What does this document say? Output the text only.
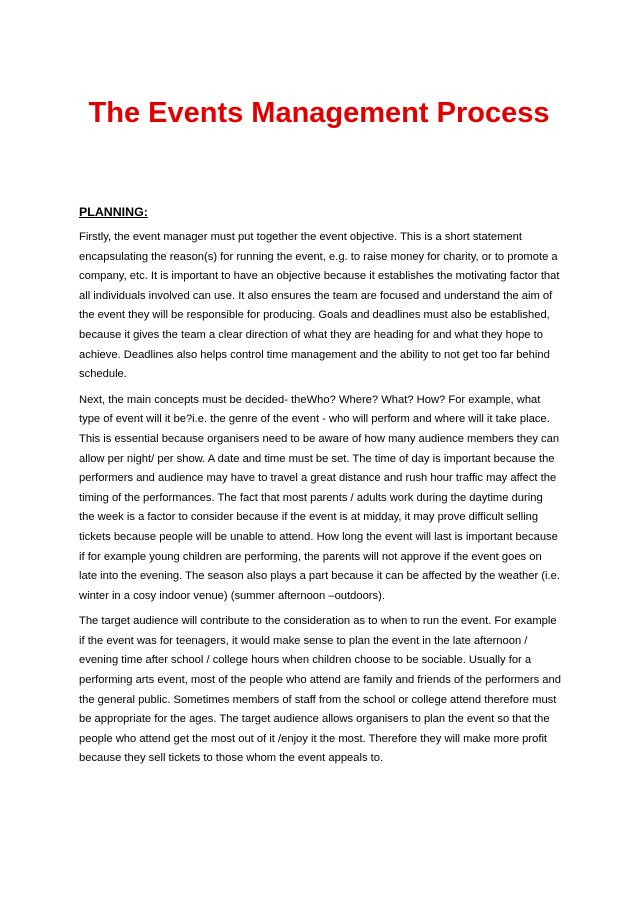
The Events Management Process

PLANNING:

Firstly, the event manager must put together the event objective. This is a short statement encapsulating the reason(s) for running the event, e.g. to raise money for charity, or to promote a company, etc. It is important to have an objective because it establishes the motivating factor that all individuals involved can use. It also ensures the team are focused and understand the aim of the event they will be responsible for producing. Goals and deadlines must also be established, because it gives the team a clear direction of what they are heading for and what they hope to achieve. Deadlines also helps control time management and the ability to not get too far behind schedule.

Next, the main concepts must be decided- theWho? Where? What? How? For example, what type of event will it be?i.e. the genre of the event - who will perform and where will it take place. This is essential because organisers need to be aware of how many audience members they can allow per night/ per show. A date and time must be set. The time of day is important because the performers and audience may have to travel a great distance and rush hour traffic may affect the timing of the performances. The fact that most parents / adults work during the daytime during the week is a factor to consider because if the event is at midday, it may prove difficult selling tickets because people will be unable to attend. How long the event will last is important because if for example young children are performing, the parents will not approve if the event goes on late into the evening. The season also plays a part because it can be affected by the weather (i.e. winter in a cosy indoor venue) (summer afternoon –outdoors).

The target audience will contribute to the consideration as to when to run the event. For example if the event was for teenagers, it would make sense to plan the event in the late afternoon / evening time after school / college hours when children choose to be sociable. Usually for a performing arts event, most of the people who attend are family and friends of the performers and the general public. Sometimes members of staff from the school or college attend therefore must be appropriate for the ages. The target audience allows organisers to plan the event so that the people who attend get the most out of it /enjoy it the most. Therefore they will make more profit because they sell tickets to those whom the event appeals to.
